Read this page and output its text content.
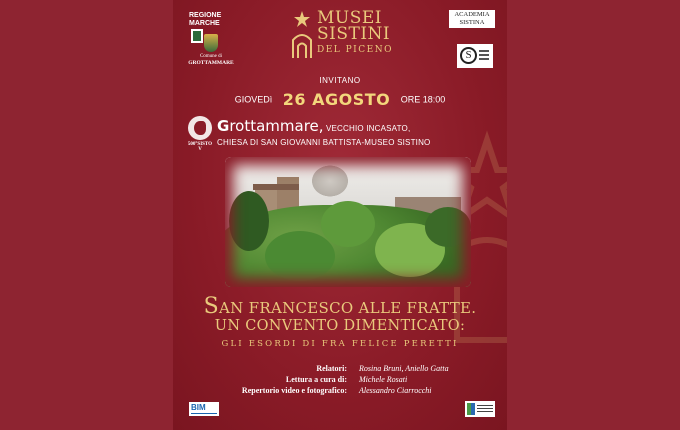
REGIONE
MARCHE
Comune di
GROTTAMMARE
MUSEI
SISTINI
DEL PICENO
ACADEMIA
SISTINA
S
INVITANO
GIOVEDì 26 AGOSTO ORE 18:00
500°SISTO V
Grottammare, VECCHIO INCASATO,
CHIESA DI SAN GIOVANNI BATTISTA-MUSEO SISTINO
SAN FRANCESCO ALLE FRATTE.
UN CONVENTO DIMENTICATO:
GLI ESORDI DI FRA FELICE PERETTI
Relatori: Rosina Bruni, Aniello Gatta
Lettura a cura di: Michele Rosati
Repertorio video e fotografico: Alessandro Ciarrocchi
BIM
